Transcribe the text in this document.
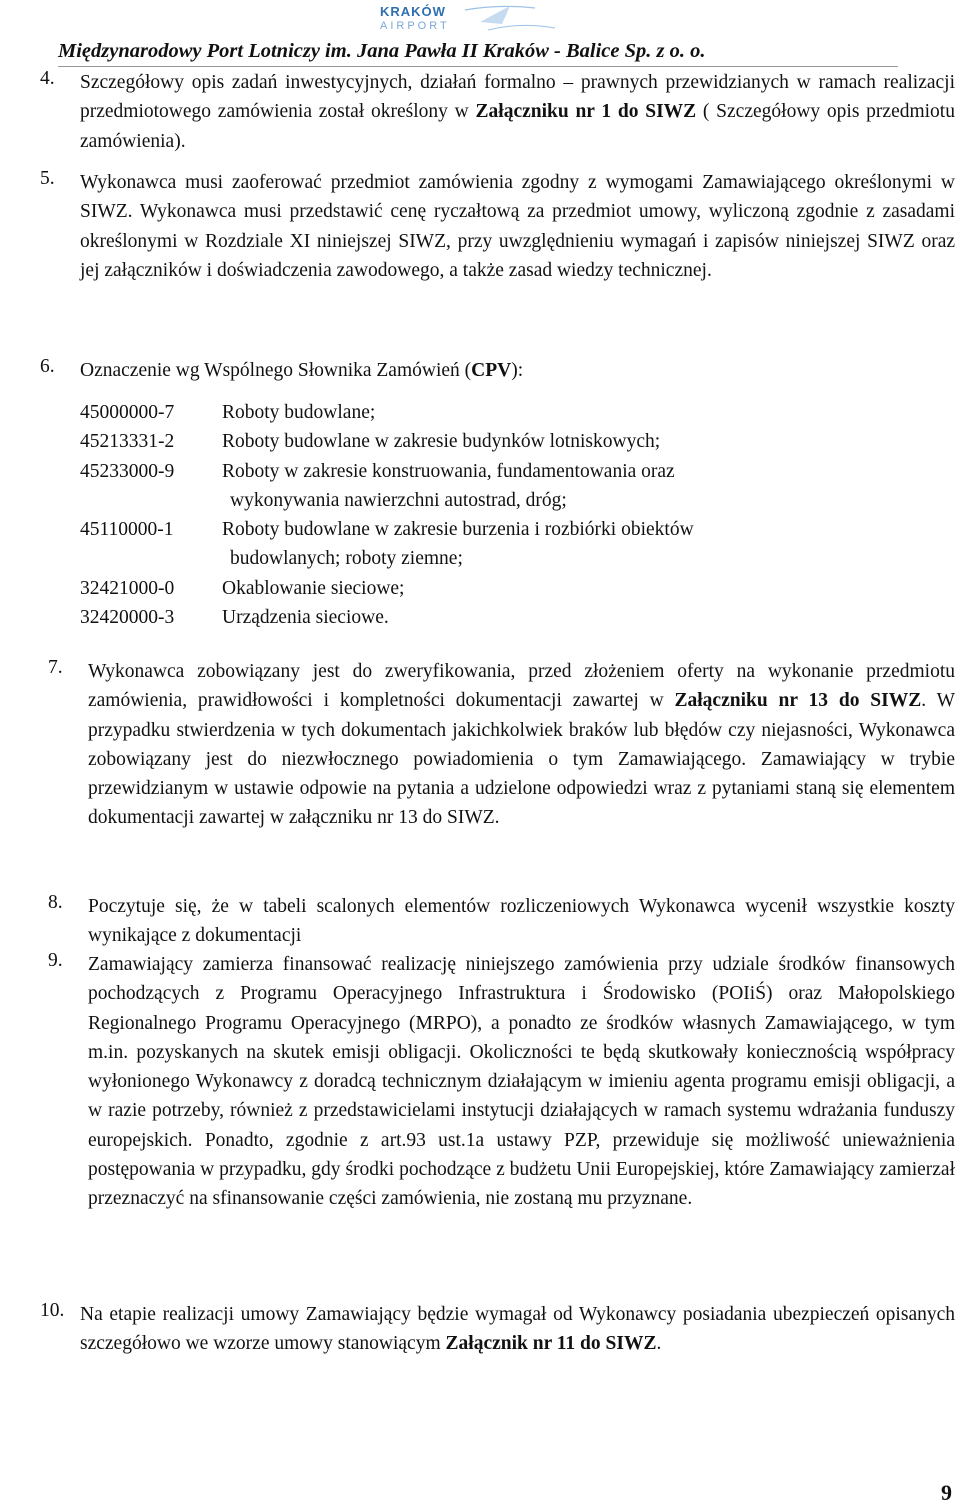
KRAKÓW
AIRPORT
Międzynarodowy Port Lotniczy im. Jana Pawła II Kraków - Balice Sp. z o. o.
4. Szczegółowy opis zadań inwestycyjnych, działań formalno – prawnych przewidzianych w ramach realizacji przedmiotowego zamówienia został określony w Załączniku nr 1 do SIWZ ( Szczegółowy opis przedmiotu zamówienia).
5. Wykonawca musi zaoferować przedmiot zamówienia zgodny z wymogami Zamawiającego określonymi w SIWZ. Wykonawca musi przedstawić cenę ryczałtową za przedmiot umowy, wyliczoną zgodnie z zasadami określonymi w Rozdziale XI niniejszej SIWZ, przy uwzględnieniu wymagań i zapisów niniejszej SIWZ oraz jej załączników i doświadczenia zawodowego, a także zasad wiedzy technicznej.
6. Oznaczenie wg Wspólnego Słownika Zamówień (CPV):
45000000-7	Roboty budowlane;
45213331-2	Roboty budowlane w zakresie budynków lotniskowych;
45233000-9	Roboty w zakresie konstruowania, fundamentowania oraz
wykonywania nawierzchni autostrad, dróg;
45110000-1	Roboty budowlane w zakresie burzenia i rozbiórki obiektów
budowlanych; roboty ziemne;
32421000-0	Okablowanie sieciowe;
32420000-3	Urządzenia sieciowe.
7. Wykonawca zobowiązany jest do zweryfikowania, przed złożeniem oferty na wykonanie przedmiotu zamówienia, prawidłowości i kompletności dokumentacji zawartej w Załączniku nr 13 do SIWZ. W przypadku stwierdzenia w tych dokumentach jakichkolwiek braków lub błędów czy niejasności, Wykonawca zobowiązany jest do niezwłocznego powiadomienia o tym Zamawiającego. Zamawiający w trybie przewidzianym w ustawie odpowie na pytania a udzielone odpowiedzi wraz z pytaniami staną się elementem dokumentacji zawartej w załączniku nr 13 do SIWZ.
8. Poczytuje się, że w tabeli scalonych elementów rozliczeniowych Wykonawca wycenił wszystkie koszty wynikające z dokumentacji
9. Zamawiający zamierza finansować realizację niniejszego zamówienia przy udziale środków finansowych pochodzących z Programu Operacyjnego Infrastruktura i Środowisko (POIiŚ) oraz Małopolskiego Regionalnego Programu Operacyjnego (MRPO), a ponadto ze środków własnych Zamawiającego, w tym m.in. pozyskanych na skutek emisji obligacji. Okoliczności te będą skutkowały koniecznością współpracy wyłonionego Wykonawcy z doradcą technicznym działającym w imieniu agenta programu emisji obligacji, a w razie potrzeby, również z przedstawicielami instytucji działających w ramach systemu wdrażania funduszy europejskich. Ponadto, zgodnie z art.93 ust.1a ustawy PZP, przewiduje się możliwość unieważnienia postępowania w przypadku, gdy środki pochodzące z budżetu Unii Europejskiej, które Zamawiający zamierzał przeznaczyć na sfinansowanie części zamówienia, nie zostaną mu przyznane.
10. Na etapie realizacji umowy Zamawiający będzie wymagał od Wykonawcy posiadania ubezpieczeń opisanych szczegółowo we wzorze umowy stanowiącym Załącznik nr 11 do SIWZ.
9
